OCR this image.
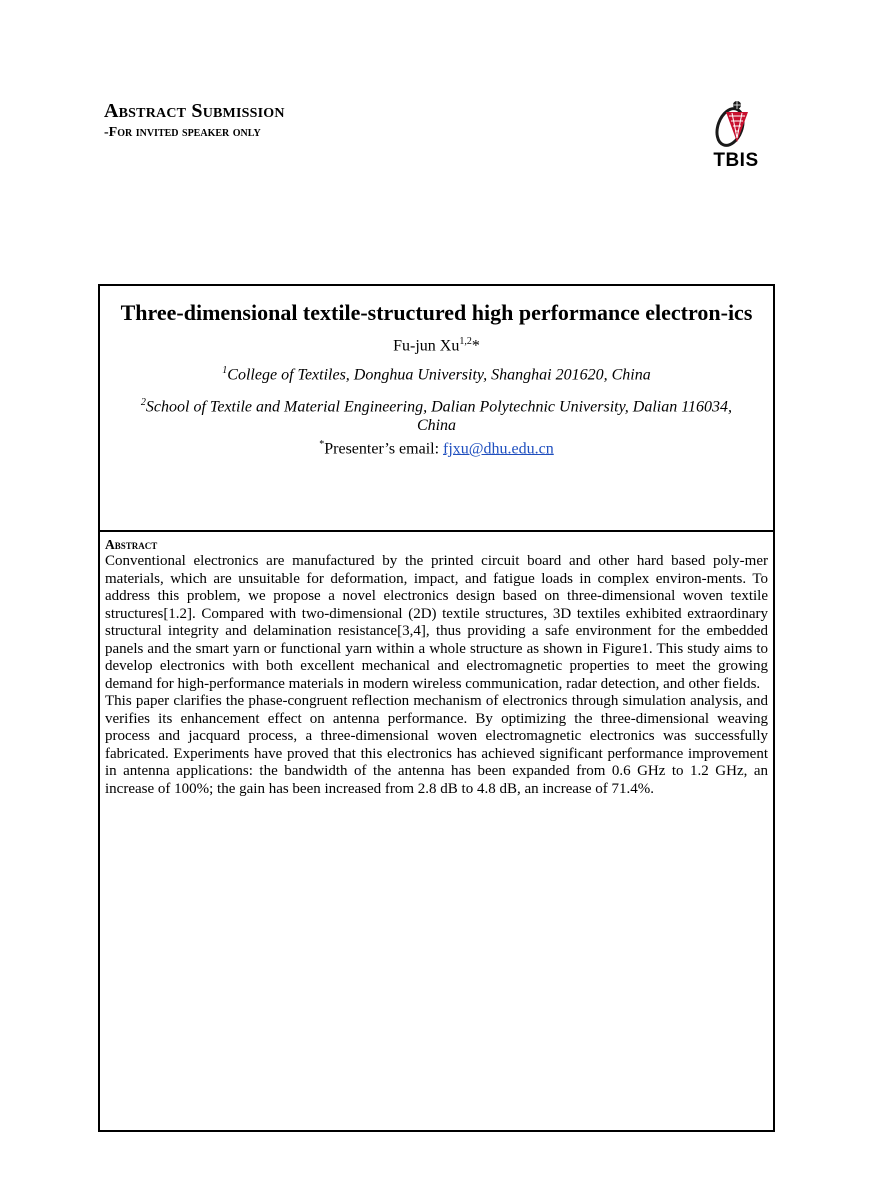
Abstract Submission
-For invited speaker only
TBIS
Three-dimensional textile-structured high performance electron-ics
Fu-jun Xu$^{1,2}$*
$^1$College of Textiles, Donghua University, Shanghai 201620, China
$^2$School of Textile and Material Engineering, Dalian Polytechnic University, Dalian 116034, China
*Presenter’s email: fjxu@dhu.edu.cn
Abstract

Conventional electronics are manufactured by the printed circuit board and other hard based poly-mer materials, which are unsuitable for deformation, impact, and fatigue loads in complex environ-ments. To address this problem, we propose a novel electronics design based on three-dimensional woven textile structures[1.2]. Compared with two-dimensional (2D) textile structures, 3D textiles exhibited extraordinary structural integrity and delamination resistance[3,4], thus providing a safe environment for the embedded panels and the smart yarn or functional yarn within a whole structure as shown in Figure1. This study aims to develop electronics with both excellent mechanical and electromagnetic properties to meet the growing demand for high-performance materials in modern wireless communication, radar detection, and other fields.

This paper clarifies the phase-congruent reflection mechanism of electronics through simulation analysis, and verifies its enhancement effect on antenna performance. By optimizing the three-dimensional weaving process and jacquard process, a three-dimensional woven electromagnetic electronics was successfully fabricated. Experiments have proved that this electronics has achieved significant performance improvement in antenna applications: the bandwidth of the antenna has been expanded from 0.6 GHz to 1.2 GHz, an increase of 100%; the gain has been increased from 2.8 dB to 4.8 dB, an increase of 71.4%.
